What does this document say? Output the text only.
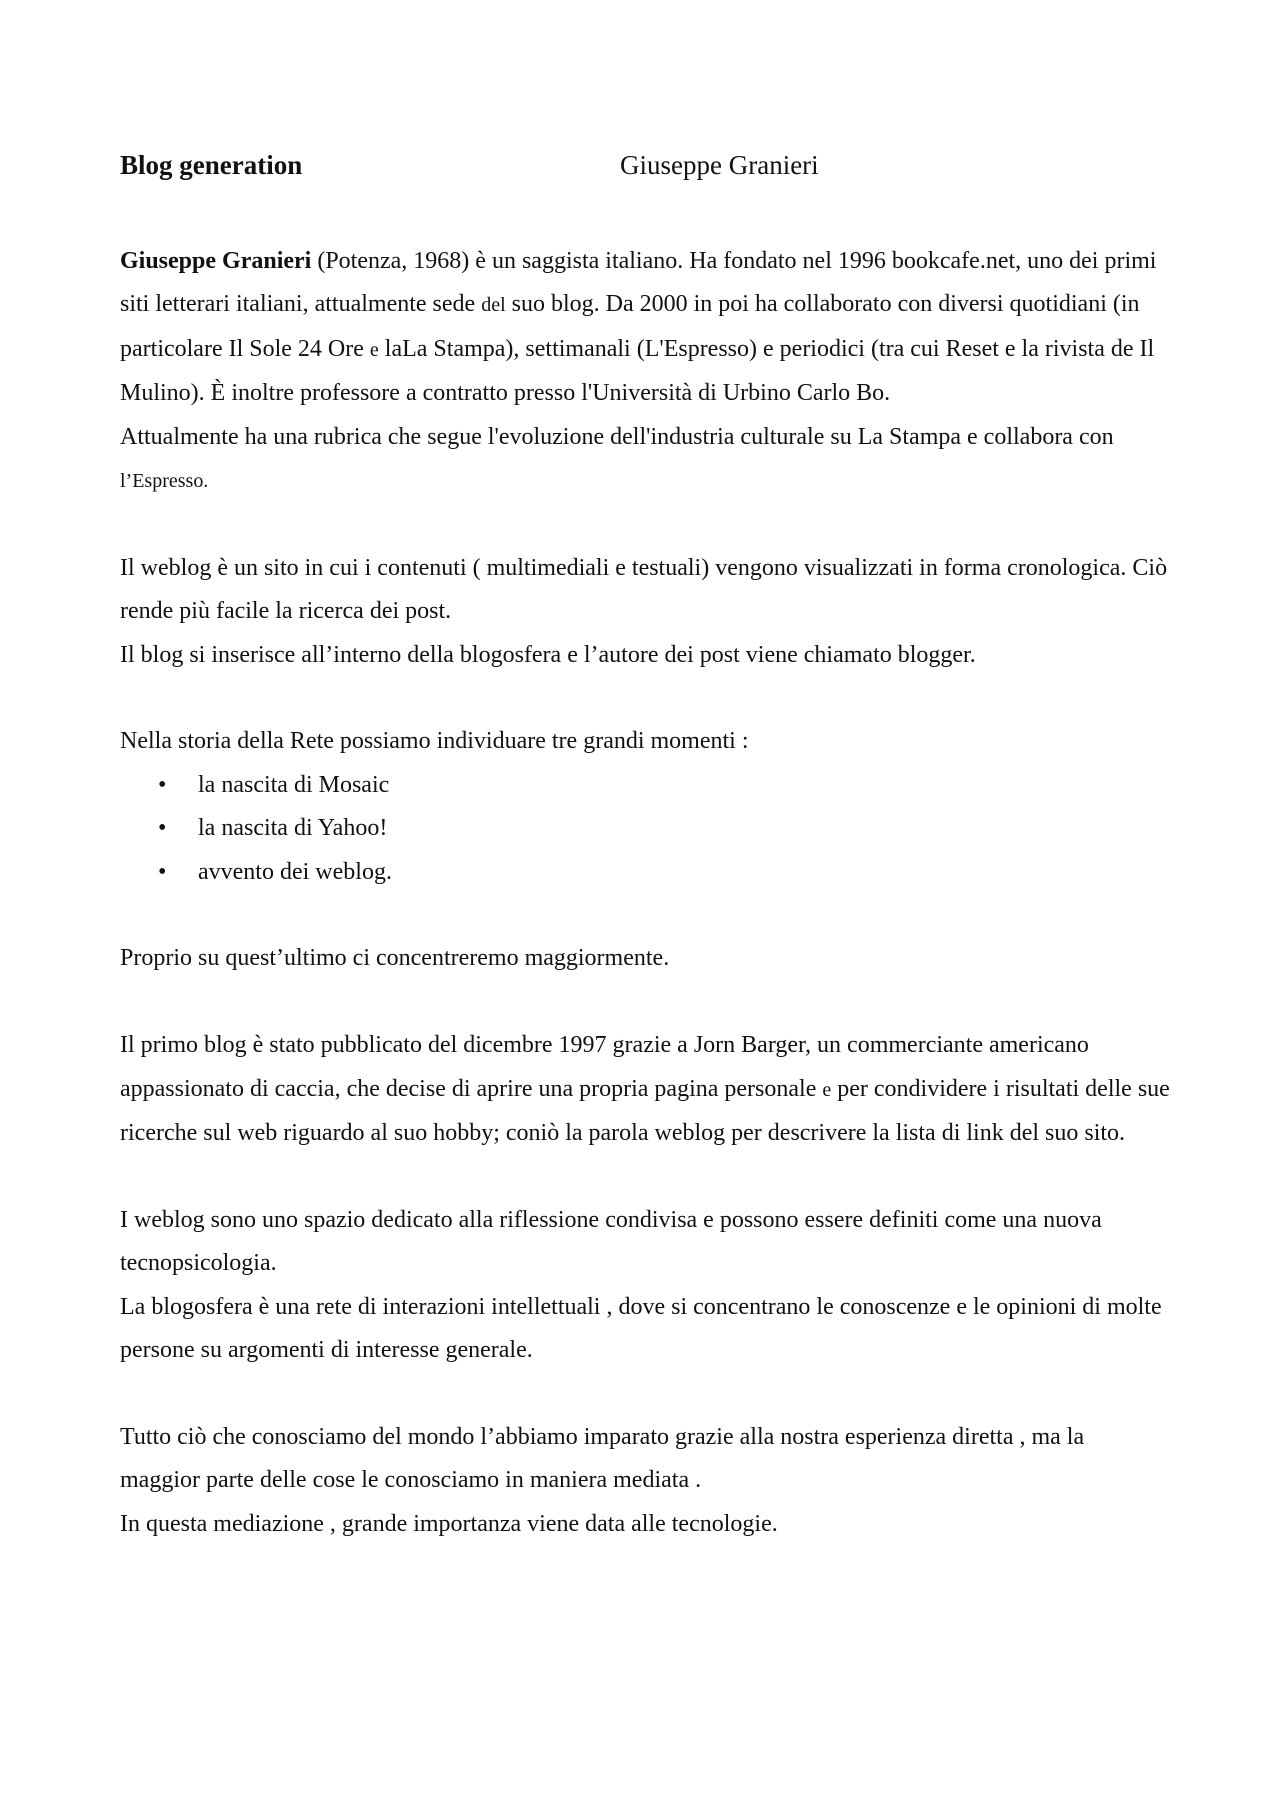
Blog generation	Giuseppe Granieri

Giuseppe Granieri (Potenza, 1968) è un saggista italiano. Ha fondato nel 1996 bookcafe.net, uno dei primi siti letterari italiani, attualmente sede del suo blog. Da 2000 in poi ha collaborato con diversi quotidiani (in particolare Il Sole 24 Ore e laLa Stampa), settimanali (L'Espresso) e periodici (tra cui Reset e la rivista de Il Mulino). È inoltre professore a contratto presso l'Università di Urbino Carlo Bo.

Attualmente ha una rubrica che segue l'evoluzione dell'industria culturale su La Stampa e collabora con l’Espresso.

Il weblog è un sito in cui i contenuti ( multimediali e testuali) vengono visualizzati in forma cronologica. Ciò rende più facile la ricerca dei post.

Il blog si inserisce all’interno della blogosfera e l’autore dei post viene chiamato blogger.

Nella storia della Rete possiamo individuare tre grandi momenti :

• la nascita di Mosaic
• la nascita di Yahoo!
• avvento dei weblog.

Proprio su quest’ultimo ci concentreremo maggiormente.

Il primo blog è stato pubblicato del dicembre 1997 grazie a Jorn Barger, un commerciante americano appassionato di caccia, che decise di aprire una propria pagina personale e per condividere i risultati delle sue ricerche sul web riguardo al suo hobby; coniò la parola weblog per descrivere la lista di link del suo sito.

I weblog sono uno spazio dedicato alla riflessione condivisa e possono essere definiti come una nuova tecnopsicologia.

La blogosfera è una rete di interazioni intellettuali , dove si concentrano le conoscenze e le opinioni di molte persone su argomenti di interesse generale.

Tutto ciò che conosciamo del mondo l’abbiamo imparato grazie alla nostra esperienza diretta , ma la maggior parte delle cose le conosciamo in maniera mediata .

In questa mediazione , grande importanza viene data alle tecnologie.
